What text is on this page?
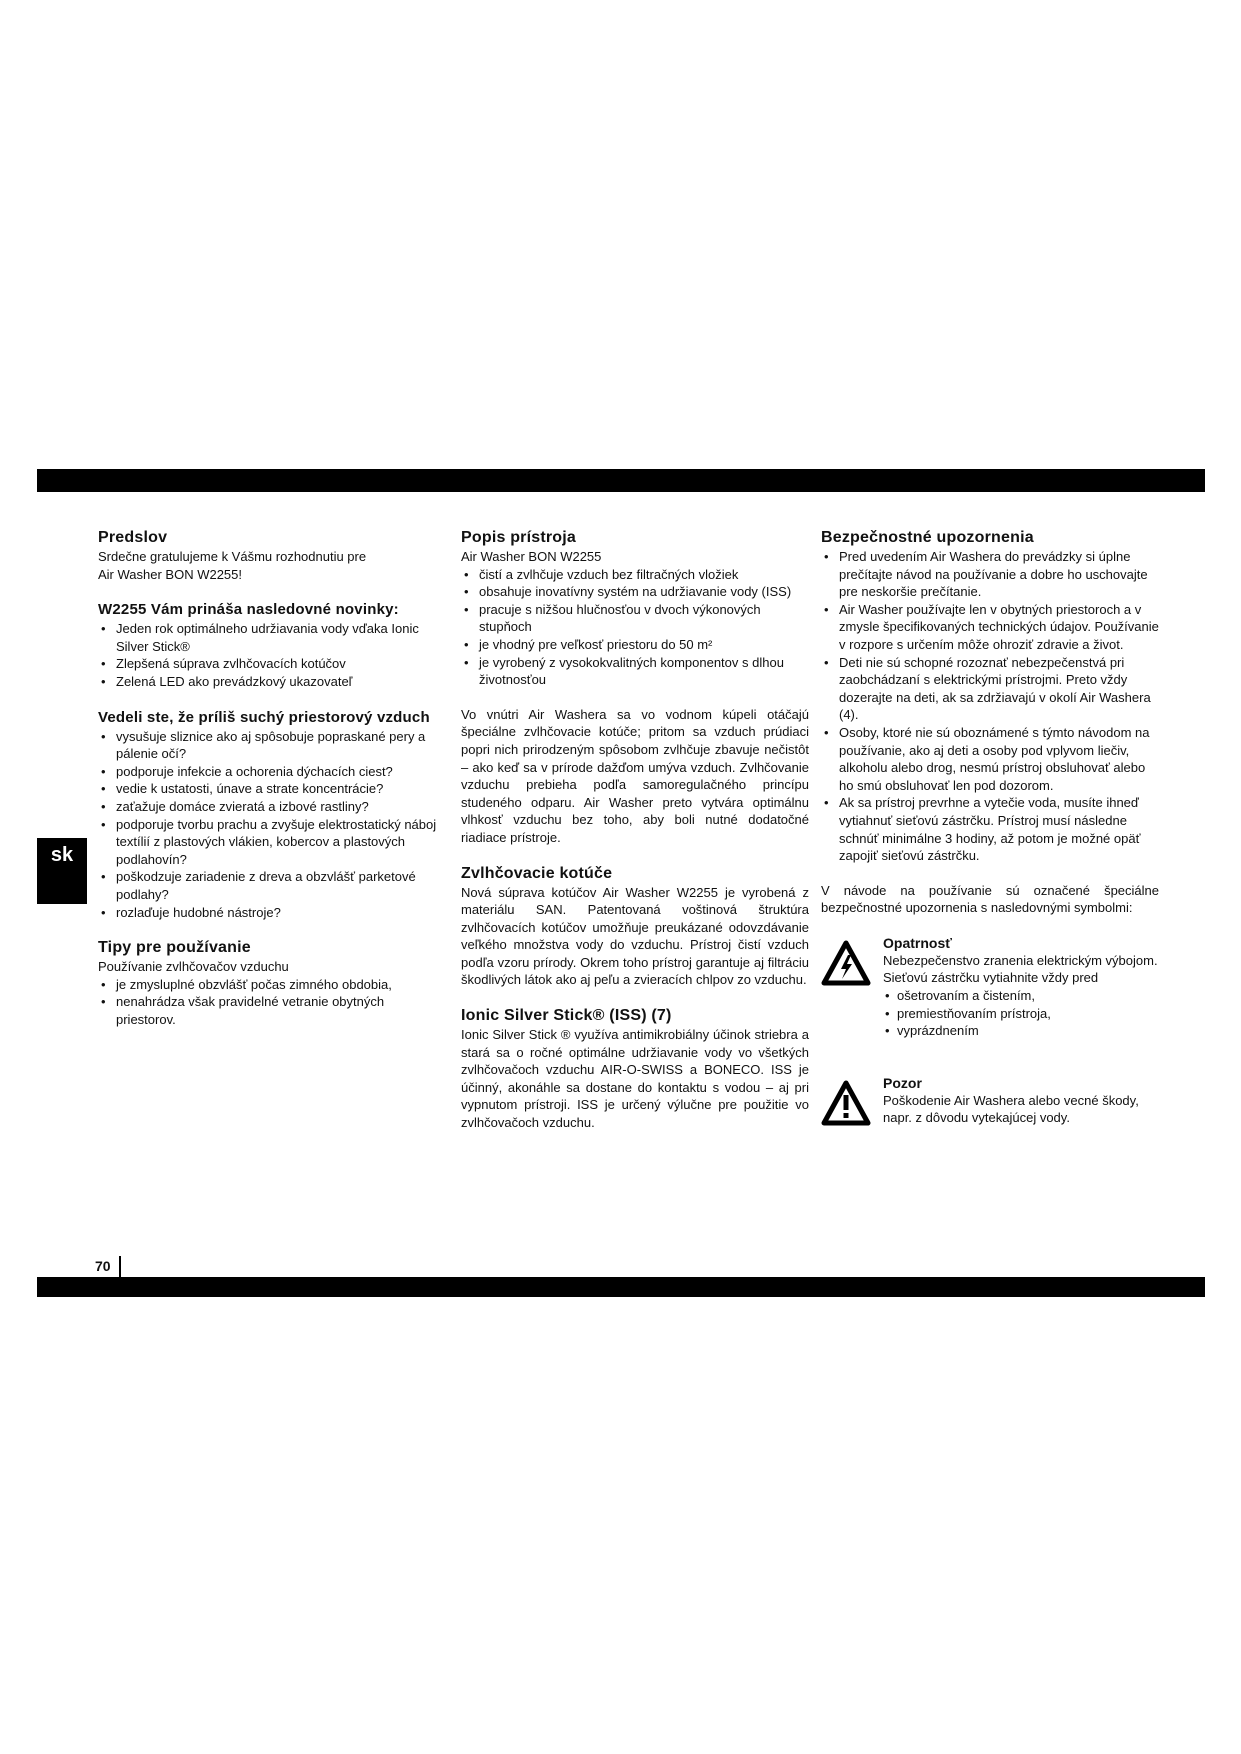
sk
Predslov

Srdečne gratulujeme k Vášmu rozhodnutiu pre

Air Washer BON W2255!

W2255 Vám prináša nasledovné novinky:
• Jeden rok optimálneho udržiavania vody vďaka Ionic Silver Stick®
• Zlepšená súprava zvlhčovacích kotúčov
• Zelená LED ako prevádzkový ukazovateľ
Vedeli ste, že príliš suchý priestorový vzduch
• vysušuje sliznice ako aj spôsobuje popraskané pery a pálenie očí?
• podporuje infekcie a ochorenia dýchacích ciest?
• vedie k ustatosti, únave a strate koncentrácie?
• zaťažuje domáce zvieratá a izbové rastliny?
• podporuje tvorbu prachu a zvyšuje elektrostatický náboj textílií z plastových vlákien, kobercov a plastových podlahovín?
• poškodzuje zariadenie z dreva a obzvlášť parketové podlahy?
• rozlaďuje hudobné nástroje?
Tipy pre používanie

Používanie zvlhčovačov vzduchu

• je zmysluplné obzvlášť počas zimného obdobia,
• nenahrádza však pravidelné vetranie obytných priestorov.
Popis prístroja

Air Washer BON W2255

• čistí a zvlhčuje vzduch bez filtračných vložiek
• obsahuje inovatívny systém na udržiavanie vody (ISS)
• pracuje s nižšou hlučnosťou v dvoch výkonových stupňoch
• je vhodný pre veľkosť priestoru do 50 m²
• je vyrobený z vysokokvalitných komponentov s dlhou životnosťou

Vo vnútri Air Washera sa vo vodnom kúpeli otáčajú špeciálne zvlhčovacie kotúče; pritom sa vzduch prúdiaci popri nich prirodzeným spôsobom zvlhčuje zbavuje nečistôt – ako keď sa v prírode dažďom umýva vzduch. Zvlhčovanie vzduchu prebieha podľa samoregulačného princípu studeného odparu. Air Washer preto vytvára optimálnu vlhkosť vzduchu bez toho, aby boli nutné dodatočné riadiace prístroje.

Zvlhčovacie kotúče

Nová súprava kotúčov Air Washer W2255 je vyrobená z materiálu SAN. Patentovaná voštinová štruktúra zvlhčovacích kotúčov umožňuje preukázané odovzdávanie veľkého množstva vody do vzduchu. Prístroj čistí vzduch podľa vzoru prírody. Okrem toho prístroj garantuje aj filtráciu škodlivých látok ako aj peľu a zvieracích chlpov zo vzduchu.

Ionic Silver Stick® (ISS) (7)

Ionic Silver Stick ® využíva antimikrobiálny účinok striebra a stará sa o ročné optimálne udržiavanie vody vo všetkých zvlhčovačoch vzduchu AIR-O-SWISS a BONECO. ISS je účinný, akonáhle sa dostane do kontaktu s vodou – aj pri vypnutom prístroji. ISS je určený výlučne pre použitie vo zvlhčovačoch vzduchu.

Bezpečnostné upozornenia
• Pred uvedením Air Washera do prevádzky si úplne prečítajte návod na používanie a dobre ho uschovajte pre neskoršie prečítanie.
• Air Washer používajte len v obytných priestoroch a v zmysle špecifikovaných technických údajov. Používanie v rozpore s určením môže ohroziť zdravie a život.
• Deti nie sú schopné rozoznať nebezpečenstvá pri zaobchádzaní s elektrickými prístrojmi. Preto vždy dozerajte na deti, ak sa zdržiavajú v okolí Air Washera (4).
• Osoby, ktoré nie sú oboznámené s týmto návodom na používanie, ako aj deti a osoby pod vplyvom liečiv, alkoholu alebo drog, nesmú prístroj obsluhovať alebo ho smú obsluhovať len pod dozorom.
• Ak sa prístroj prevrhne a vytečie voda, musíte ihneď vytiahnuť sieťovú zástrčku. Prístroj musí následne schnúť minimálne 3 hodiny, až potom je možné opäť zapojiť sieťovú zástrčku.

V návode na používanie sú označené špeciálne bezpečnostné upozornenia s nasledovnými symbolmi:

Opatrnosť

Nebezpečenstvo zranenia elektrickým výbojom. Sieťovú zástrčku vytiahnite vždy pred

• ošetrovaním a čistením,
• premiestňovaním prístroja,
• vyprázdnením
Pozor

Poškodenie Air Washera alebo vecné škody, napr. z dôvodu vytekajúcej vody.

70
